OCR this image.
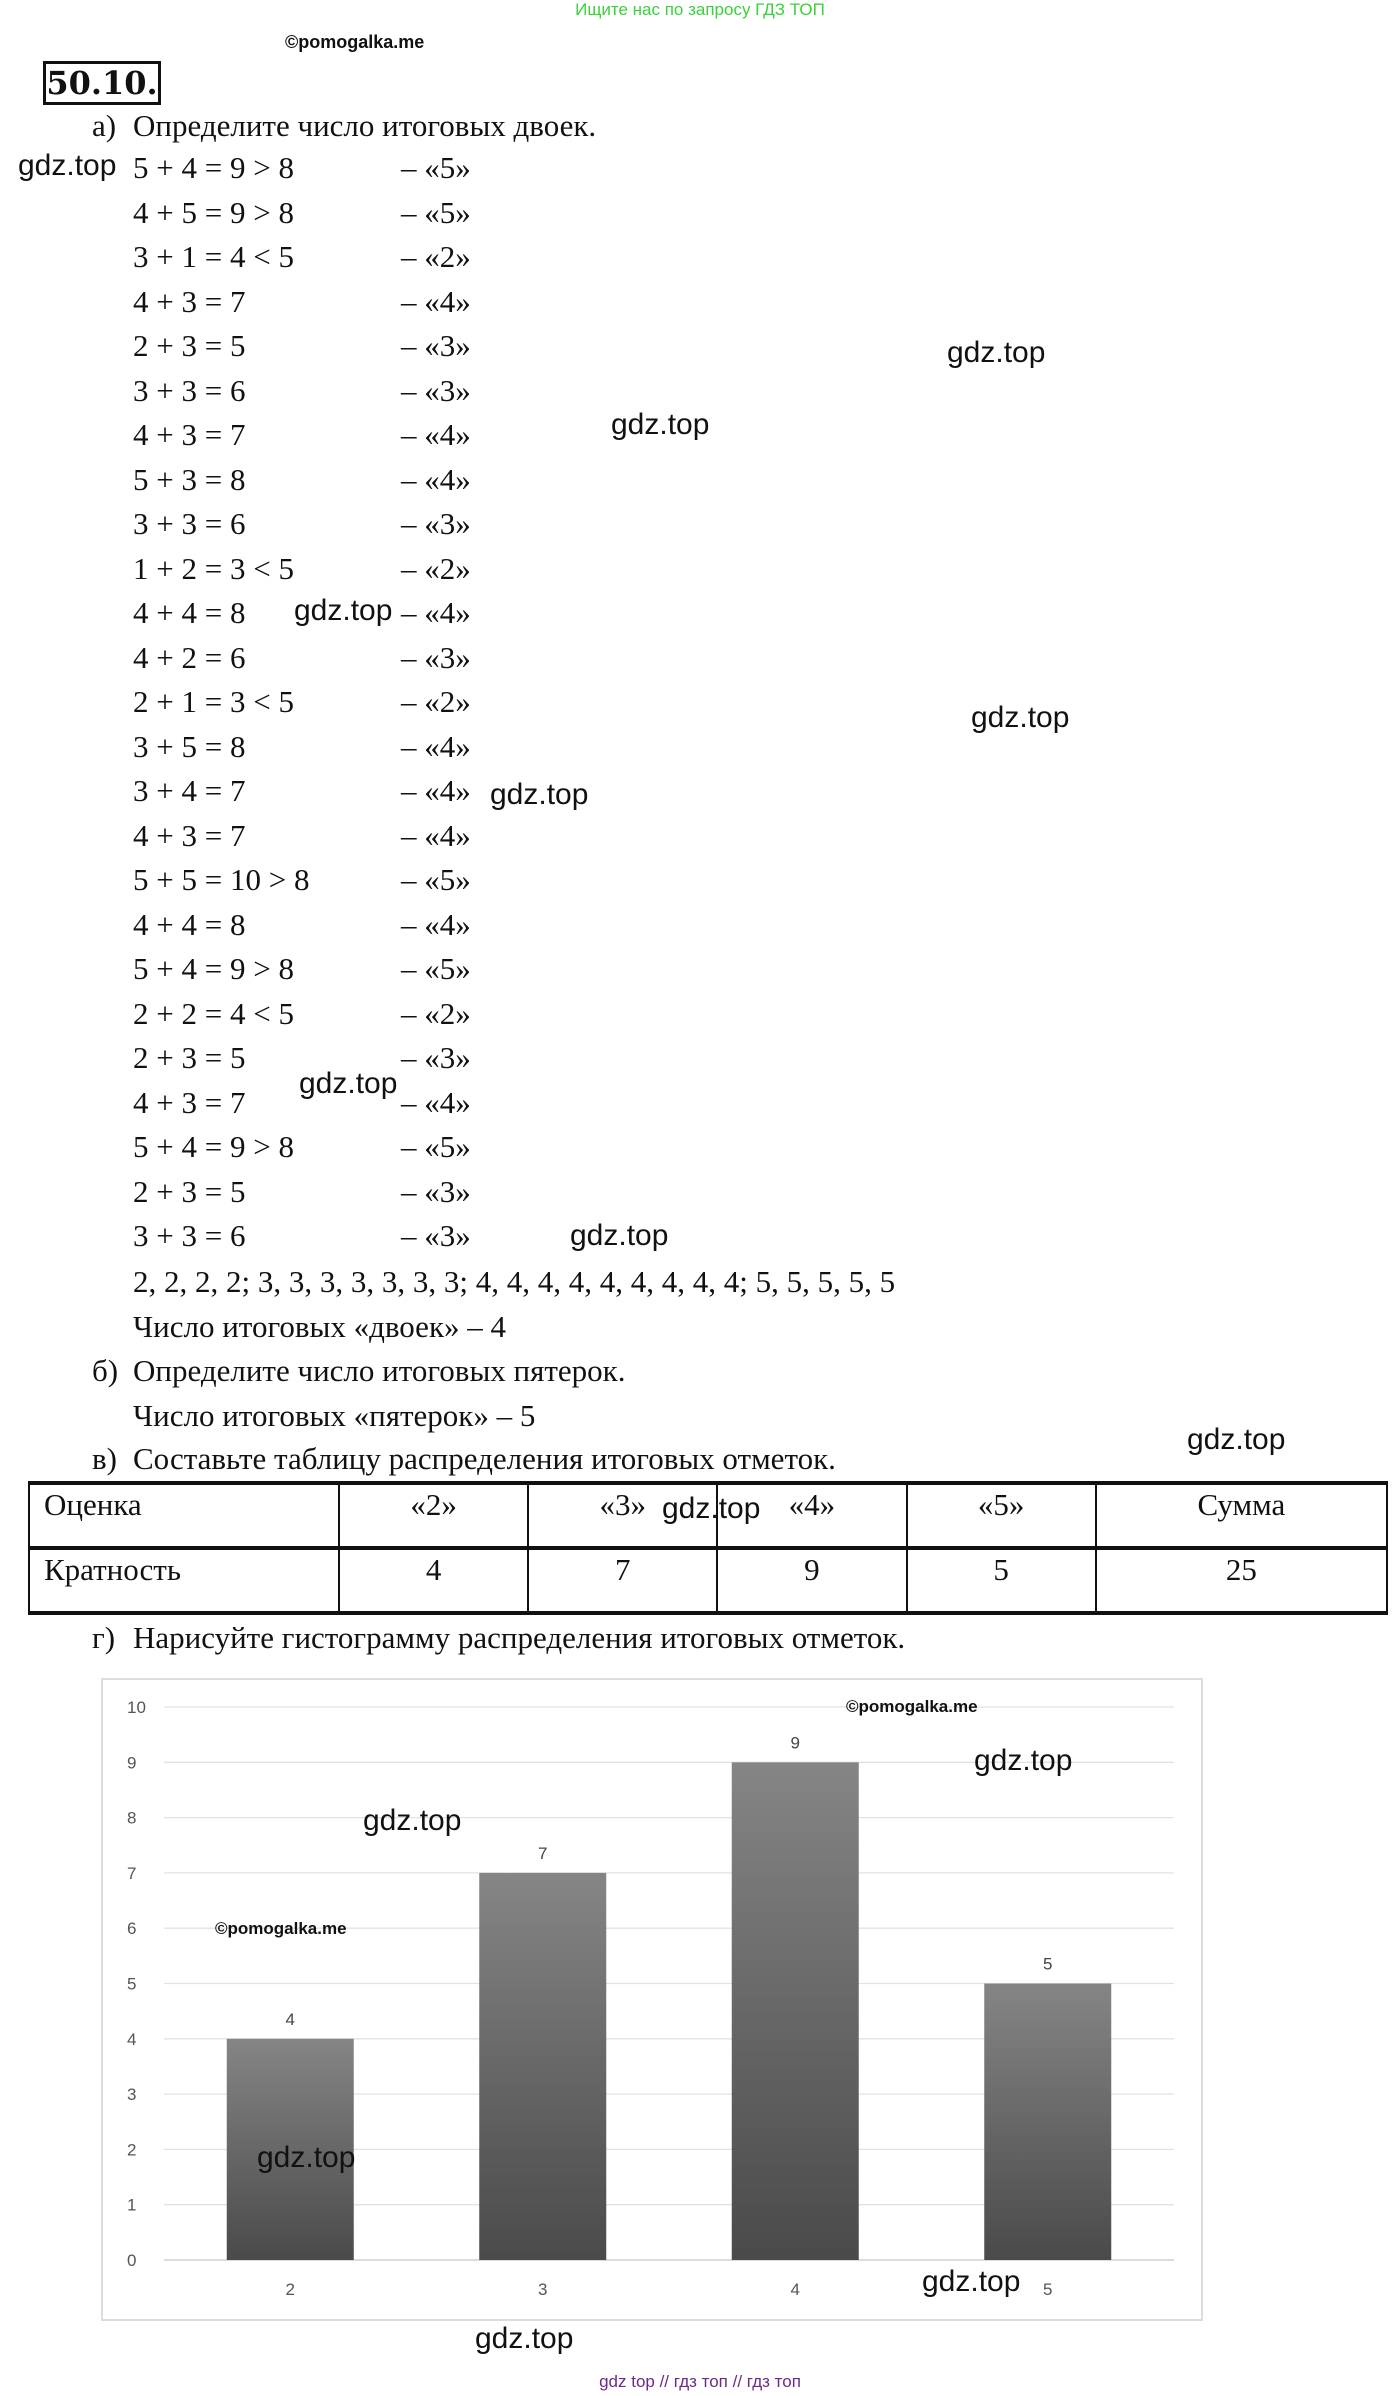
Ищите нас по запросу ГДЗ ТОП
©pomogalka.me
50.10.
а) Определите число итоговых двоек.
5 + 4 = 9 > 8	– «5»
4 + 5 = 9 > 8	– «5»
3 + 1 = 4 < 5	– «2»
4 + 3 = 7	– «4»
2 + 3 = 5	– «3»
3 + 3 = 6	– «3»
4 + 3 = 7	– «4»
5 + 3 = 8	– «4»
3 + 3 = 6	– «3»
1 + 2 = 3 < 5	– «2»
4 + 4 = 8	– «4»
4 + 2 = 6	– «3»
2 + 1 = 3 < 5	– «2»
3 + 5 = 8	– «4»
3 + 4 = 7	– «4»
4 + 3 = 7	– «4»
5 + 5 = 10 > 8	– «5»
4 + 4 = 8	– «4»
5 + 4 = 9 > 8	– «5»
2 + 2 = 4 < 5	– «2»
2 + 3 = 5	– «3»
4 + 3 = 7	– «4»
5 + 4 = 9 > 8	– «5»
2 + 3 = 5	– «3»
3 + 3 = 6	– «3»
2, 2, 2, 2; 3, 3, 3, 3, 3, 3, 3; 4, 4, 4, 4, 4, 4, 4, 4, 4; 5, 5, 5, 5, 5
Число итоговых «двоек» – 4
б) Определите число итоговых пятерок.
Число итоговых «пятерок» – 5
в) Составьте таблицу распределения итоговых отметок.
Оценка	«2»	«3»	«4»	«5»	Сумма
Кратность	4	7	9	5	25
г) Нарисуйте гистограмму распределения итоговых отметок.
0
1
2
3
4
5
6
7
8
9
10
4
2
7
3
9
4
5
5
©pomogalka.me
©pomogalka.me
gdz.top
gdz.top
gdz.top
gdz.top
gdz.top
gdz.top
gdz.top
gdz.top
gdz.top
gdz.top
gdz.top
gdz.top
gdz.top
gdz.top
gdz.top
gdz top // гдз топ // гдз топ
